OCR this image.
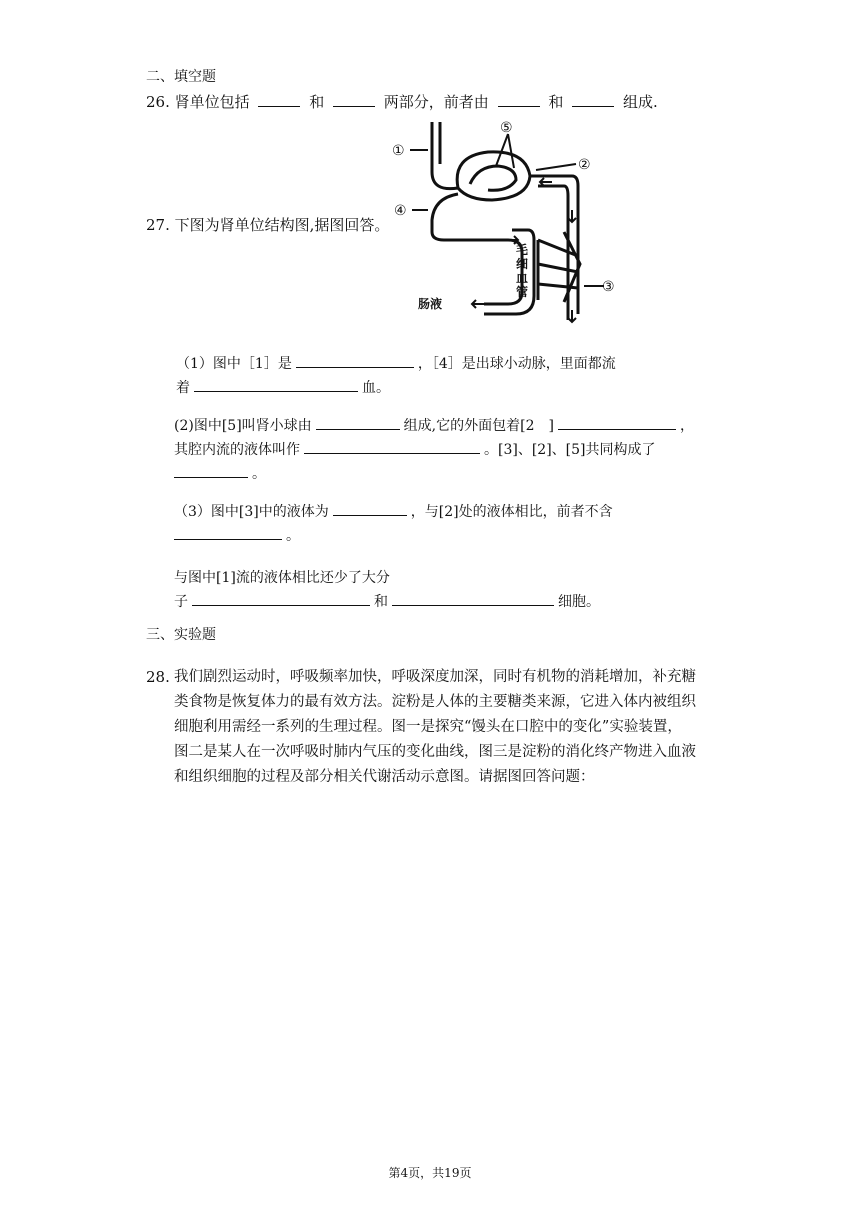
二、填空题
26. 肾单位包括	和	两部分，前者由	和	组成.
27. 下图为肾单位结构图,据图回答。
①
②
③
④
⑤
毛
细
血
管
肠液
（1）图中［1］是	，［4］是出球小动脉，里面都流
着	血。
(2)图中[5]叫肾小球由	组成,它的外面包着[2 ]	，
其腔内流的液体叫作	。[3]、[2]、[5]共同构成了
。
（3）图中[3]中的液体为	，与[2]处的液体相比，前者不含
。
与图中[1]流的液体相比还少了大分
子	和	细胞。
三、实验题
28. 我们剧烈运动时，呼吸频率加快，呼吸深度加深，同时有机物的消耗增加，补充糖
类食物是恢复体力的最有效方法。淀粉是人体的主要糖类来源，它进入体内被组织
细胞利用需经一系列的生理过程。图一是探究“馒头在口腔中的变化”实验装置，
图二是某人在一次呼吸时肺内气压的变化曲线，图三是淀粉的消化终产物进入血液
和组织细胞的过程及部分相关代谢活动示意图。请据图回答问题：
第4页，共19页
